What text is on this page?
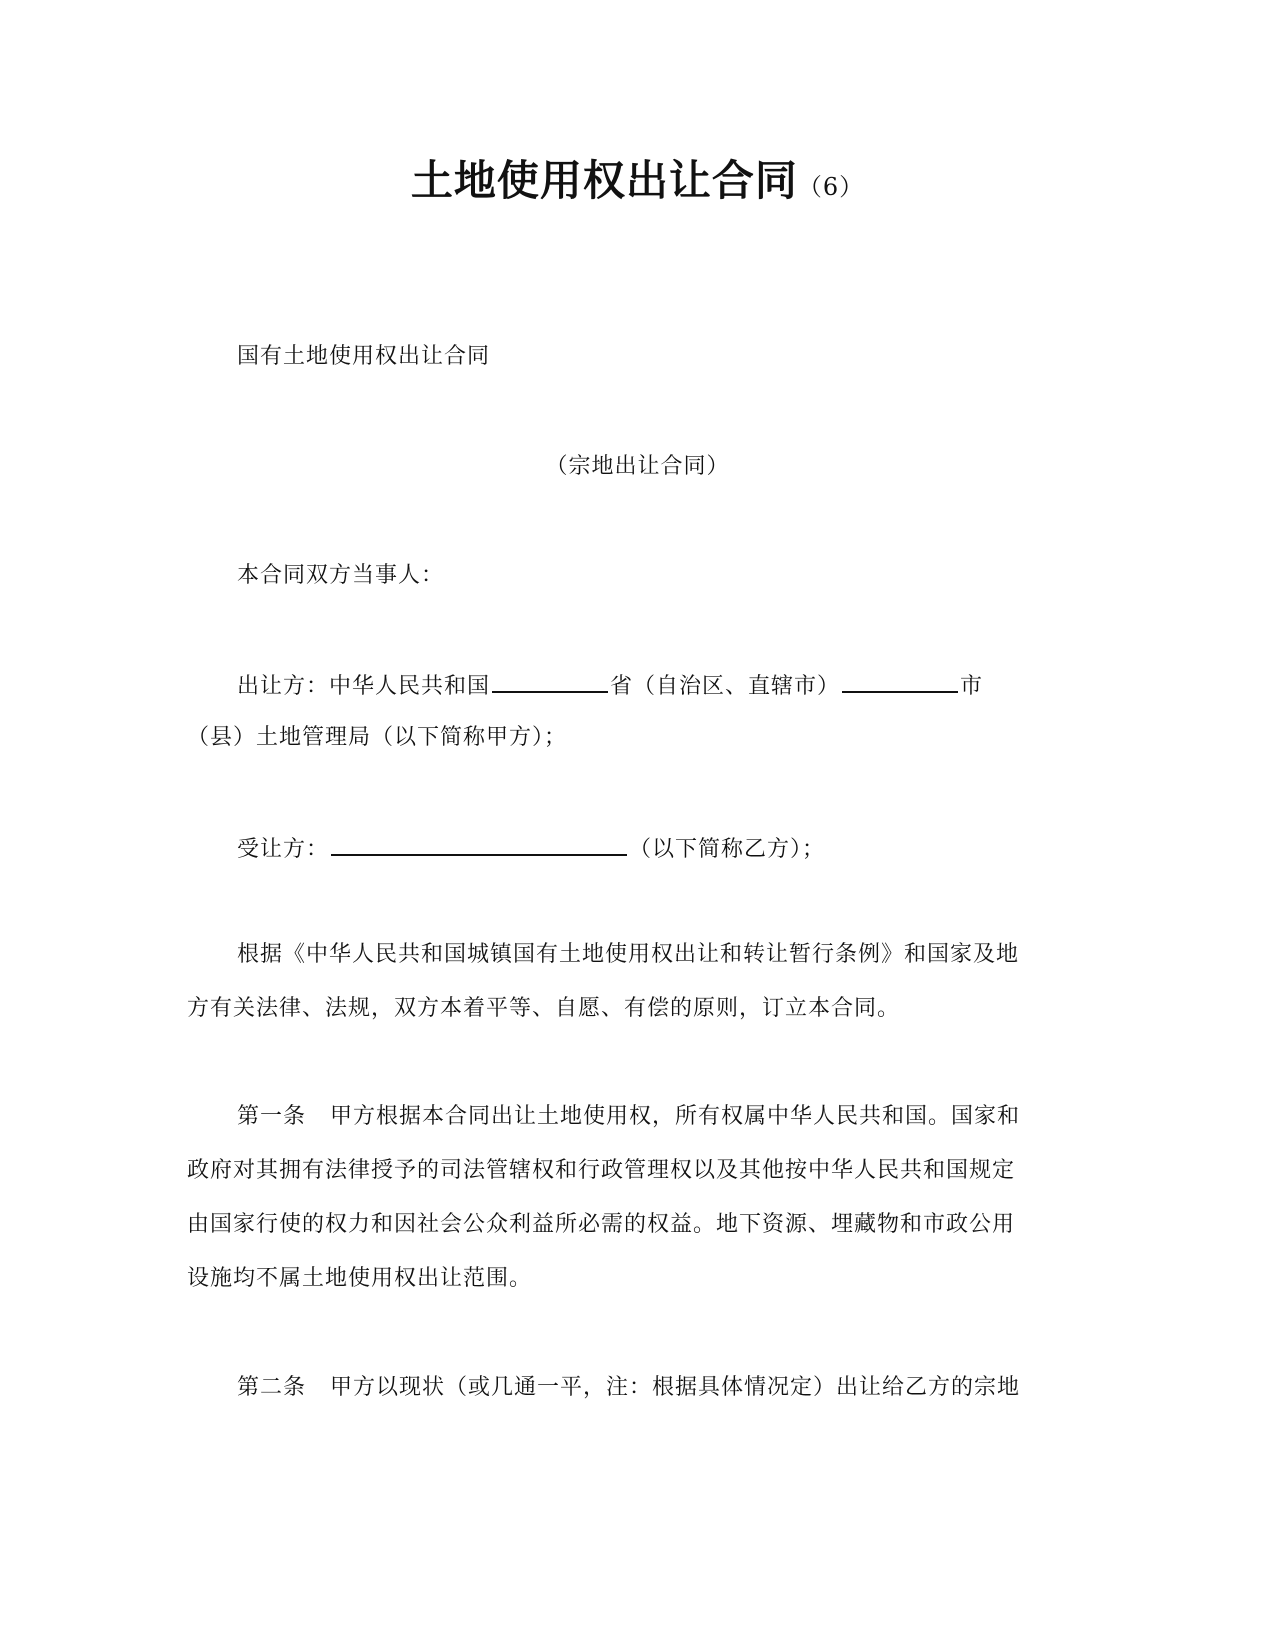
土地使用权出让合同（6）
国有土地使用权出让合同
（宗地出让合同）
本合同双方当事人：
出让方：中华人民共和国	省（自治区、直辖市）	市
（县）土地管理局（以下简称甲方）；
受让方：	（以下简称乙方）；
根据《中华人民共和国城镇国有土地使用权出让和转让暂行条例》和国家及地
方有关法律、法规，双方本着平等、自愿、有偿的原则，订立本合同。
第一条 甲方根据本合同出让土地使用权，所有权属中华人民共和国。国家和
政府对其拥有法律授予的司法管辖权和行政管理权以及其他按中华人民共和国规定
由国家行使的权力和因社会公众利益所必需的权益。地下资源、埋藏物和市政公用
设施均不属土地使用权出让范围。
第二条 甲方以现状（或几通一平，注：根据具体情况定）出让给乙方的宗地
